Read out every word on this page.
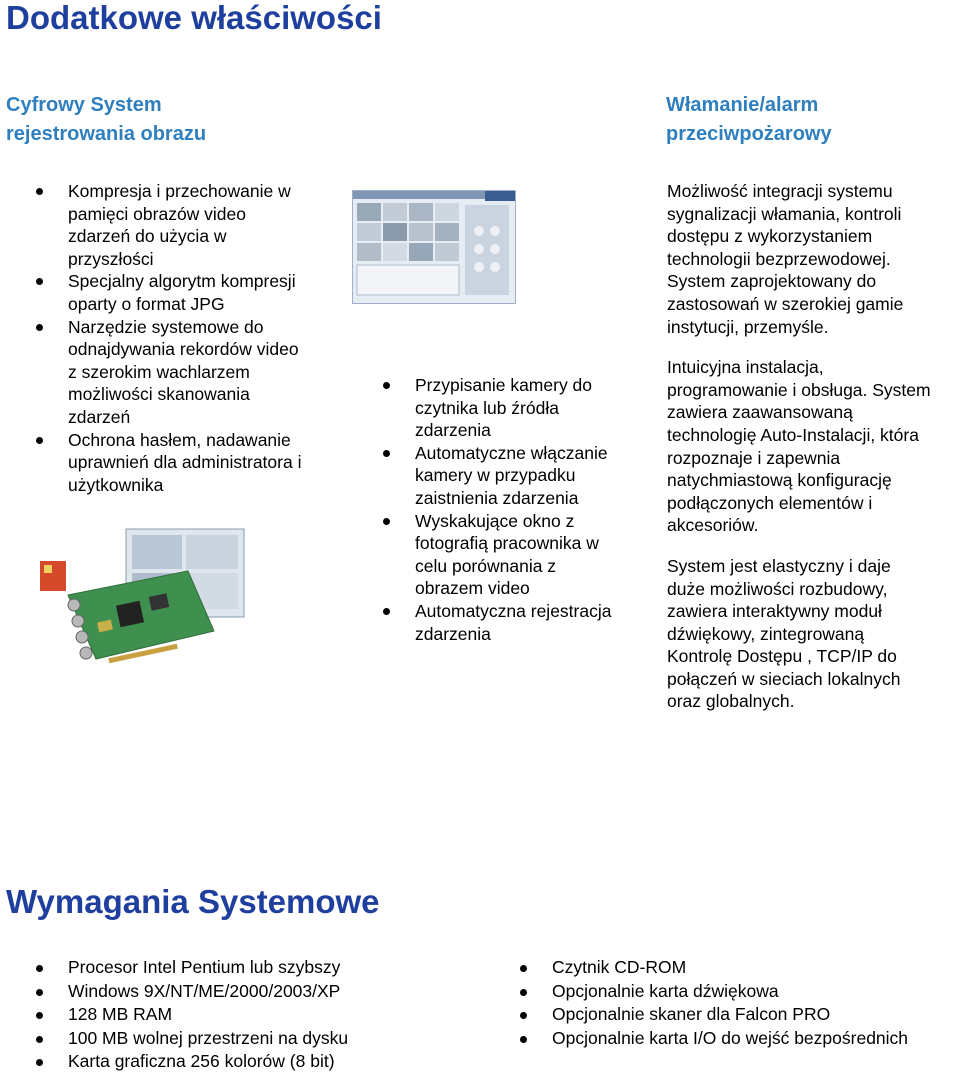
Dodatkowe właściwości
Cyfrowy System
rejestrowania obrazu
Kompresja i przechowanie w
pamięci obrazów video
zdarzeń do użycia w
przyszłości
Specjalny algorytm kompresji
oparty o format JPG
Narzędzie systemowe do
odnajdywania rekordów video
z szerokim wachlarzem
możliwości skanowania
zdarzeń
Ochrona hasłem, nadawanie
uprawnień dla administratora i
użytkownika
Przypisanie kamery do
czytnika lub źródła
zdarzenia
Automatyczne włączanie
kamery w przypadku
zaistnienia zdarzenia
Wyskakujące okno z
fotografią pracownika w
celu porównania z
obrazem video
Automatyczna rejestracja
zdarzenia
Włamanie/alarm
przeciwpożarowy

Możliwość integracji systemu
sygnalizacji włamania, kontroli
dostępu z wykorzystaniem
technologii bezprzewodowej.
System zaprojektowany do
zastosowań w szerokiej gamie
instytucji, przemyśle.

Intuicyjna instalacja,
programowanie i obsługa. System
zawiera zaawansowaną
technologię Auto-Instalacji, która
rozpoznaje i zapewnia
natychmiastową konfigurację
podłączonych elementów i
akcesoriów.

System jest elastyczny i daje
duże możliwości rozbudowy,
zawiera interaktywny moduł
dźwiękowy, zintegrowaną
Kontrolę Dostępu , TCP/IP do
połączeń w sieciach lokalnych
oraz globalnych.

Wymagania Systemowe
Procesor Intel Pentium lub szybszy
Windows 9X/NT/ME/2000/2003/XP
128 MB RAM
100 MB wolnej przestrzeni na dysku
Karta graficzna 256 kolorów (8 bit)
Czytnik CD-ROM
Opcjonalnie karta dźwiękowa
Opcjonalnie skaner dla Falcon PRO
Opcjonalnie karta I/O do wejść bezpośrednich
